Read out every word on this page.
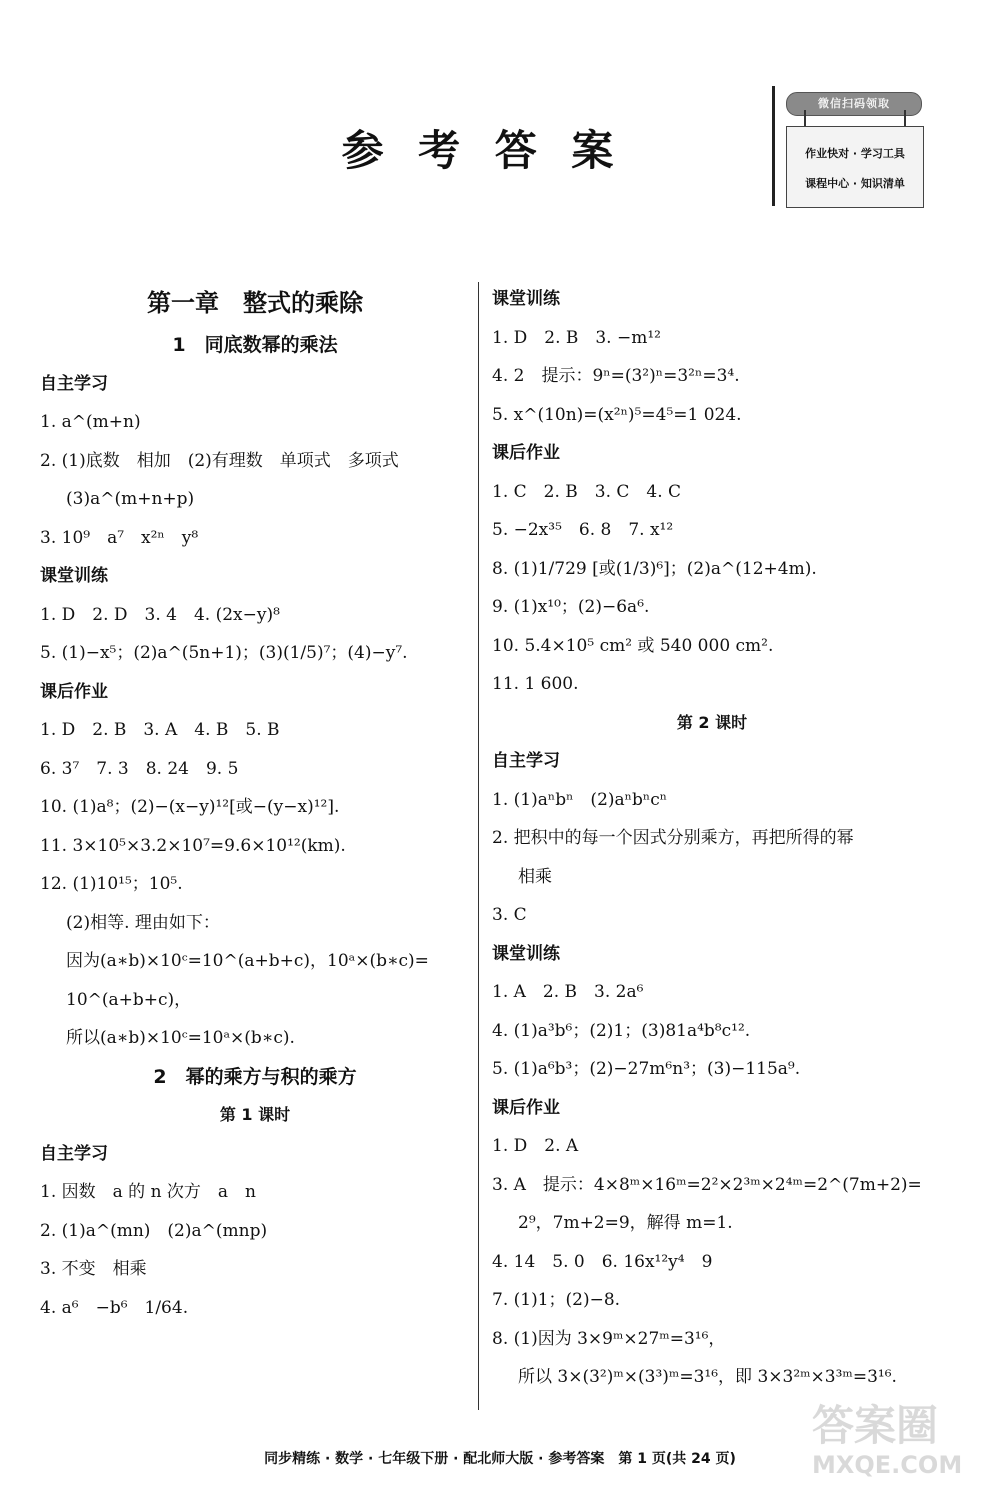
参 考 答 案
微信扫码领取
作业快对 · 学习工具
课程中心 · 知识清单
第一章　整式的乘除
1　同底数幂的乘法
自主学习
1. a^(m+n)
2. (1)底数　相加　(2)有理数　单项式　多项式
(3)a^(m+n+p)
3. 10⁹　a⁷　x²ⁿ　y⁸
课堂训练
1. D　2. D　3. 4　4. (2x−y)⁸
5. (1)−x⁵；(2)a^(5n+1)；(3)(1/5)⁷；(4)−y⁷.
课后作业
1. D　2. B　3. A　4. B　5. B
6. 3⁷　7. 3　8. 24　9. 5
10. (1)a⁸；(2)−(x−y)¹²[或−(y−x)¹²].
11. 3×10⁵×3.2×10⁷=9.6×10¹²(km).
12. (1)10¹⁵；10⁵.
(2)相等. 理由如下：
因为(a∗b)×10ᶜ=10^(a+b+c)，10ᵃ×(b∗c)=
10^(a+b+c)，
所以(a∗b)×10ᶜ=10ᵃ×(b∗c).
2　幂的乘方与积的乘方
第 1 课时
自主学习
1. 因数　a 的 n 次方　a　n
2. (1)a^(mn)　(2)a^(mnp)
3. 不变　相乘
4. a⁶　−b⁶　1/64.
课堂训练
1. D　2. B　3. −m¹²
4. 2　提示：9ⁿ=(3²)ⁿ=3²ⁿ=3⁴.
5. x^(10n)=(x²ⁿ)⁵=4⁵=1 024.
课后作业
1. C　2. B　3. C　4. C
5. −2x³⁵　6. 8　7. x¹²
8. (1)1/729 [或(1/3)⁶]；(2)a^(12+4m).
9. (1)x¹⁰；(2)−6a⁶.
10. 5.4×10⁵ cm² 或 540 000 cm².
11. 1 600.
第 2 课时
自主学习
1. (1)aⁿbⁿ　(2)aⁿbⁿcⁿ
2. 把积中的每一个因式分别乘方，再把所得的幂
相乘
3. C
课堂训练
1. A　2. B　3. 2a⁶
4. (1)a³b⁶；(2)1；(3)81a⁴b⁸c¹².
5. (1)a⁶b³；(2)−27m⁶n³；(3)−115a⁹.
课后作业
1. D　2. A
3. A　提示：4×8ᵐ×16ᵐ=2²×2³ᵐ×2⁴ᵐ=2^(7m+2)=
2⁹，7m+2=9，解得 m=1.
4. 14　5. 0　6. 16x¹²y⁴　9
7. (1)1；(2)−8.
8. (1)因为 3×9ᵐ×27ᵐ=3¹⁶，
所以 3×(3²)ᵐ×(3³)ᵐ=3¹⁶，即 3×3²ᵐ×3³ᵐ=3¹⁶.
同步精练 · 数学 · 七年级下册 · 配北师大版 · 参考答案　第 1 页(共 24 页)
答案圈
MXQE.COM
